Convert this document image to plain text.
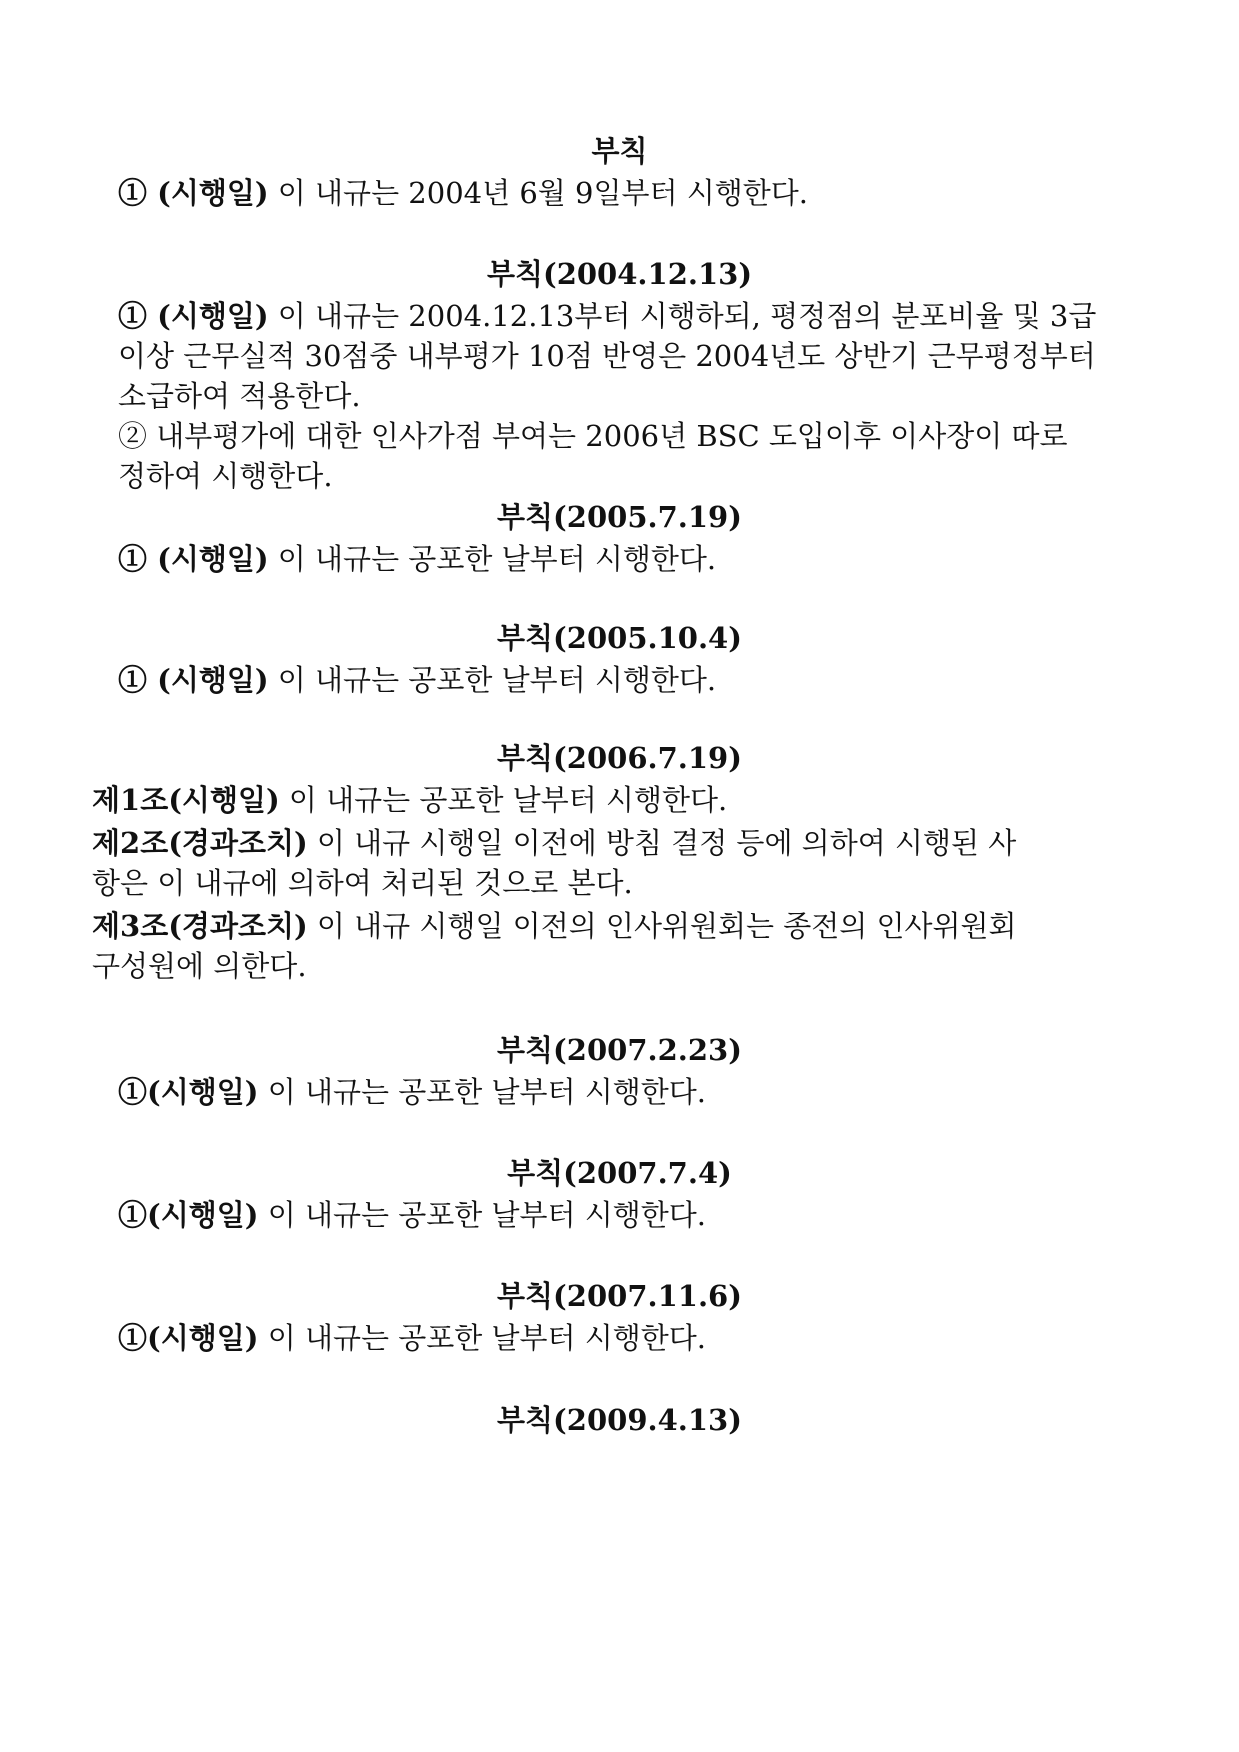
부칙
① (시행일) 이 내규는 2004년 6월 9일부터 시행한다.
부칙(2004.12.13)
① (시행일) 이 내규는 2004.12.13부터 시행하되, 평정점의 분포비율 및 3급
이상 근무실적 30점중 내부평가 10점 반영은 2004년도 상반기 근무평정부터
소급하여 적용한다.
② 내부평가에 대한 인사가점 부여는 2006년 BSC 도입이후 이사장이 따로
정하여 시행한다.
부칙(2005.7.19)
① (시행일) 이 내규는 공포한 날부터 시행한다.
부칙(2005.10.4)
① (시행일) 이 내규는 공포한 날부터 시행한다.
부칙(2006.7.19)
제1조(시행일) 이 내규는 공포한 날부터 시행한다.
제2조(경과조치) 이 내규 시행일 이전에 방침 결정 등에 의하여 시행된 사
항은 이 내규에 의하여 처리된 것으로 본다.
제3조(경과조치) 이 내규 시행일 이전의 인사위원회는 종전의 인사위원회
구성원에 의한다.
부칙(2007.2.23)
①(시행일) 이 내규는 공포한 날부터 시행한다.
부칙(2007.7.4)
①(시행일) 이 내규는 공포한 날부터 시행한다.
부칙(2007.11.6)
①(시행일) 이 내규는 공포한 날부터 시행한다.
부칙(2009.4.13)
